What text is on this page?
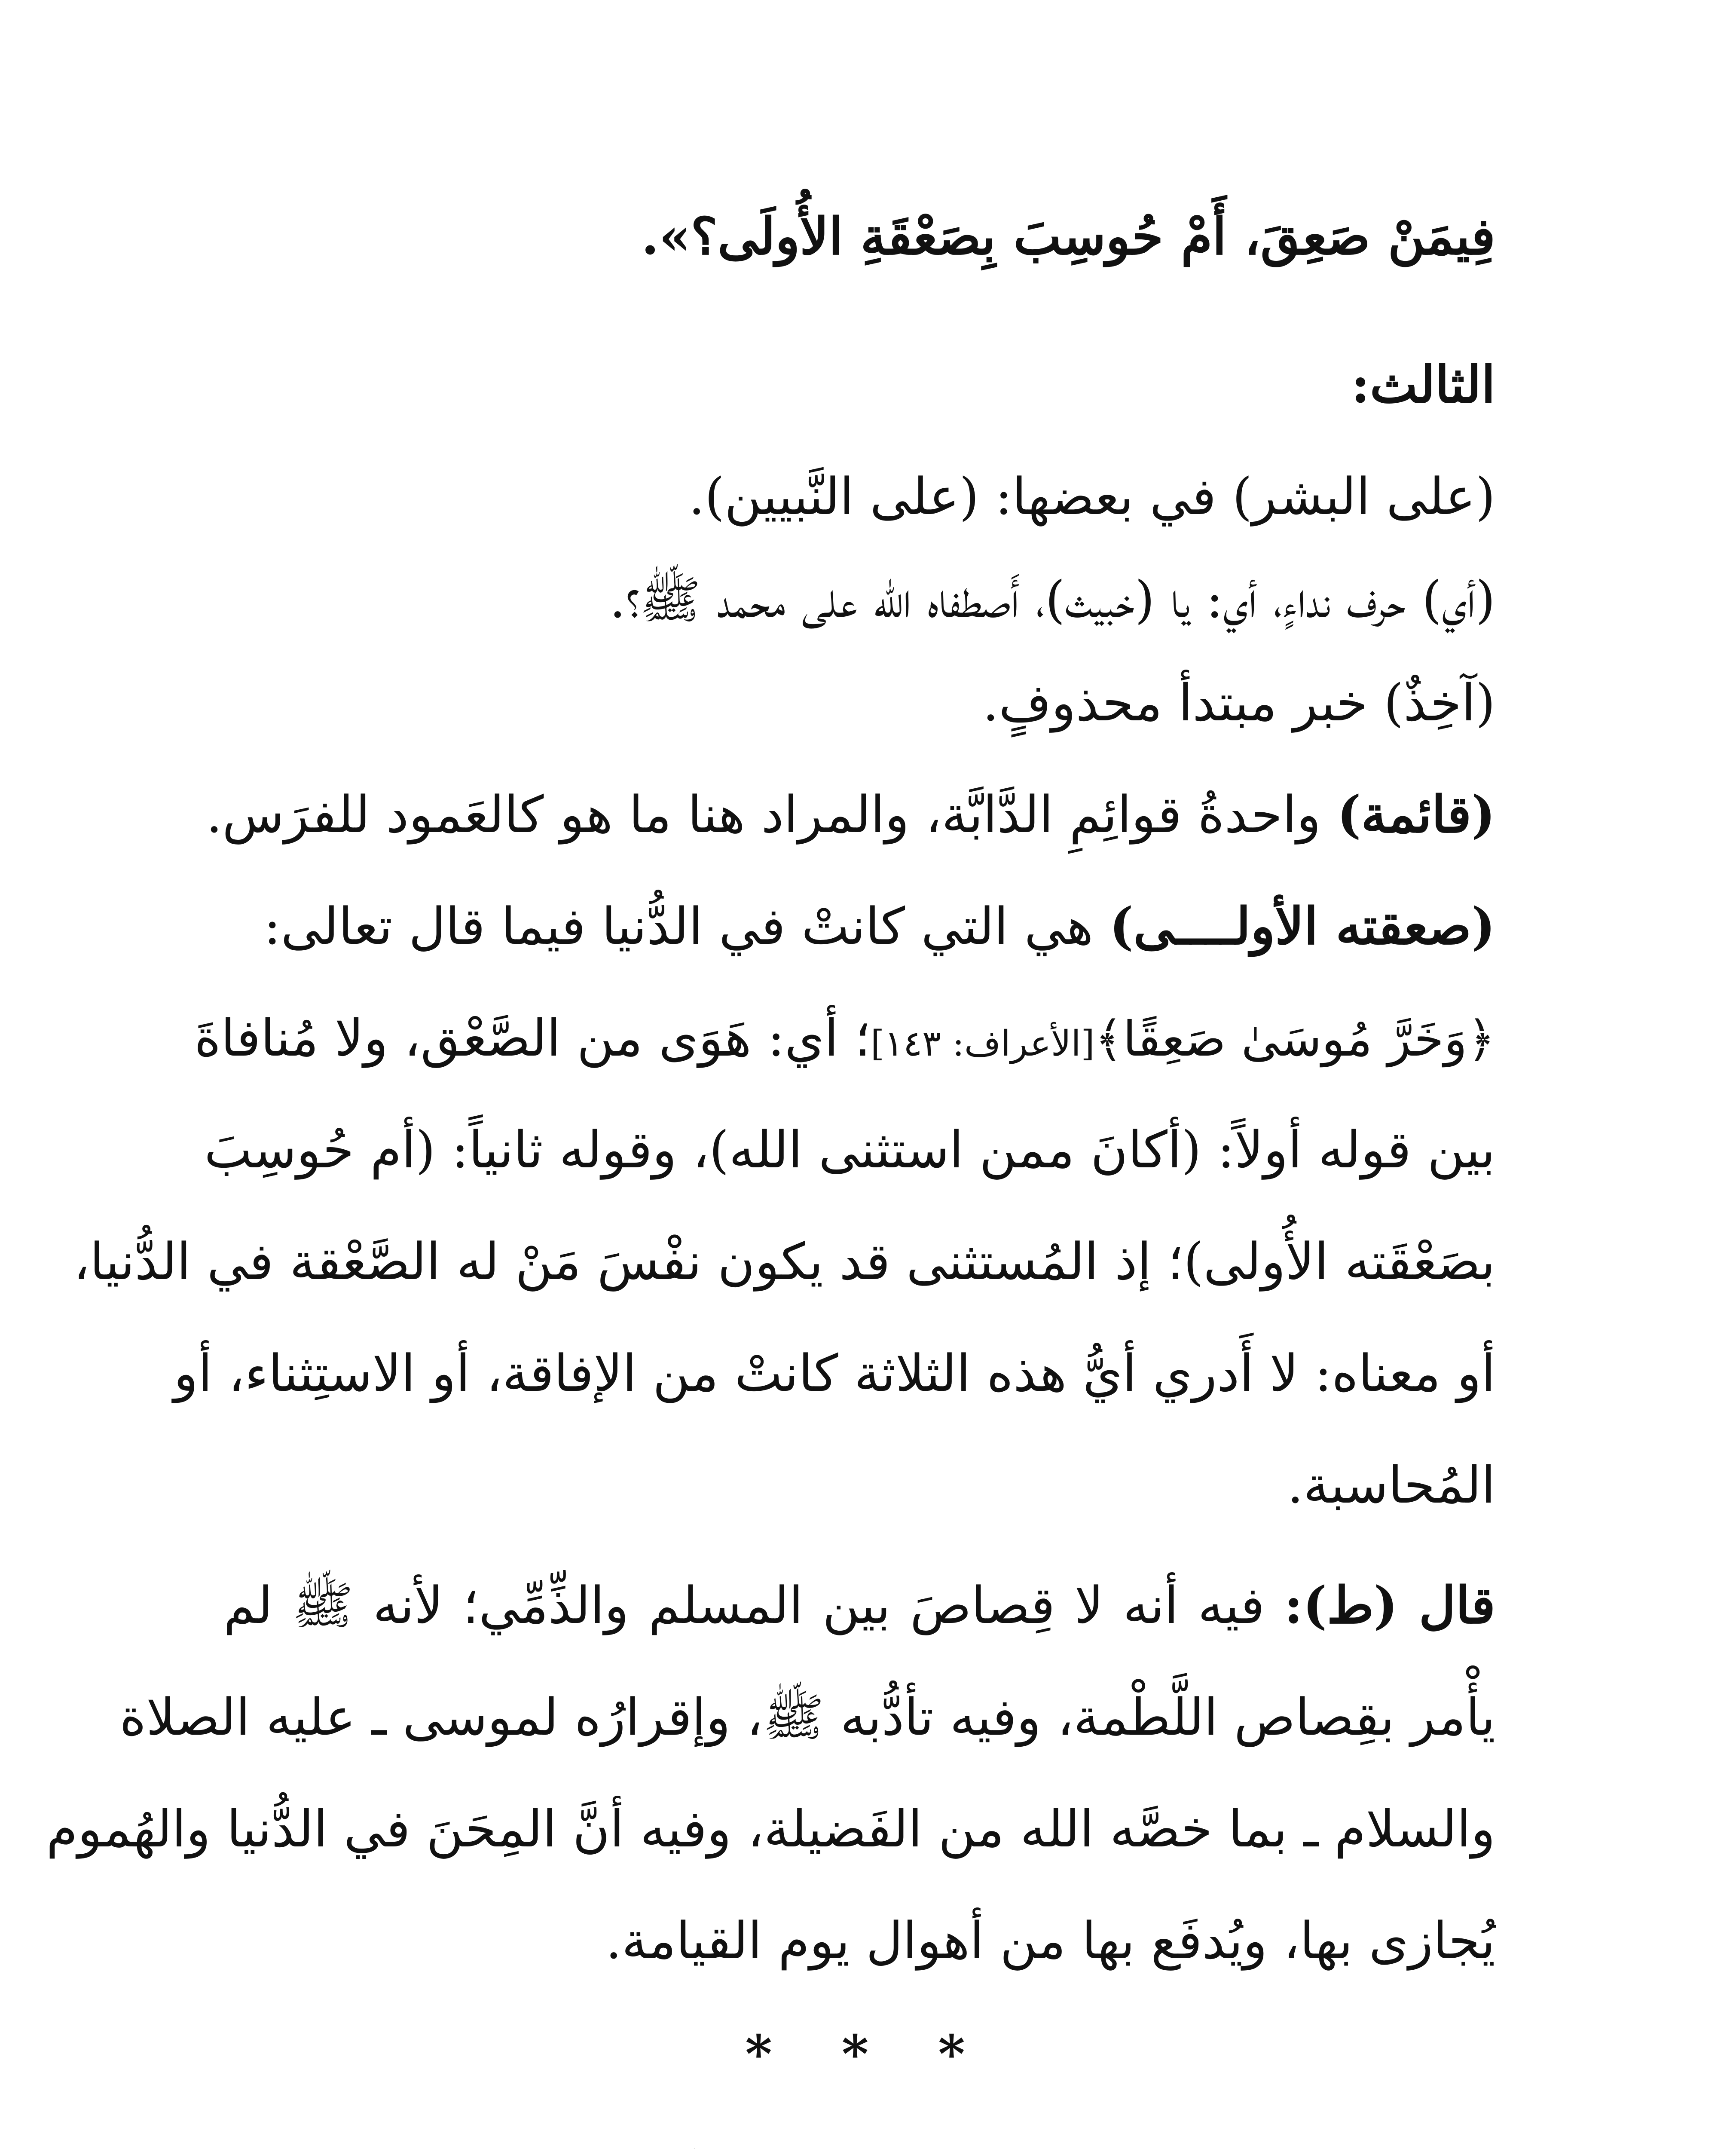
فِيمَنْ صَعِقَ، أَمْ حُوسِبَ بِصَعْقَةِ الأُولَى؟».
الثالث:
(على البشر) في بعضها: (على النَّبيين).
(أي) حرف نداءٍ، أي: يا (خبيث)، أَصطفاه الله على محمد ﷺ؟.
(آخِذٌ) خبر مبتدأ محذوفٍ.
(قائمة) واحدةُ قوائِمِ الدَّابَّة، والمراد هنا ما هو كالعَمود للفرَس.
(صعقته الأولــــى) هي التي كانتْ في الدُّنيا فيما قال تعالى:
﴿وَخَرَّ مُوسَىٰ صَعِقًا﴾[الأعراف: ١٤٣]؛ أي: هَوَى من الصَّعْق، ولا مُنافاةَ
بين قوله أولاً: (أكانَ ممن استثنى الله)، وقوله ثانياً: (أم حُوسِبَ
بصَعْقَته الأُولى)؛ إذ المُستثنى قد يكون نفْسَ مَنْ له الصَّعْقة في الدُّنيا،
أو معناه: لا أَدري أيُّ هذه الثلاثة كانتْ من الإفاقة، أو الاستِثناء، أو
المُحاسبة.
قال (ط): فيه أنه لا قِصاصَ بين المسلم والذِّمِّي؛ لأنه ﷺ لم
يأْمر بقِصاص اللَّطْمة، وفيه تأدُّبه ﷺ، وإقرارُه لموسى ـ عليه الصلاة
والسلام ـ بما خصَّه الله من الفَضيلة، وفيه أنَّ المِحَنَ في الدُّنيا والهُموم
يُجازى بها، ويُدفَع بها من أهوال يوم القيامة.
* * *
